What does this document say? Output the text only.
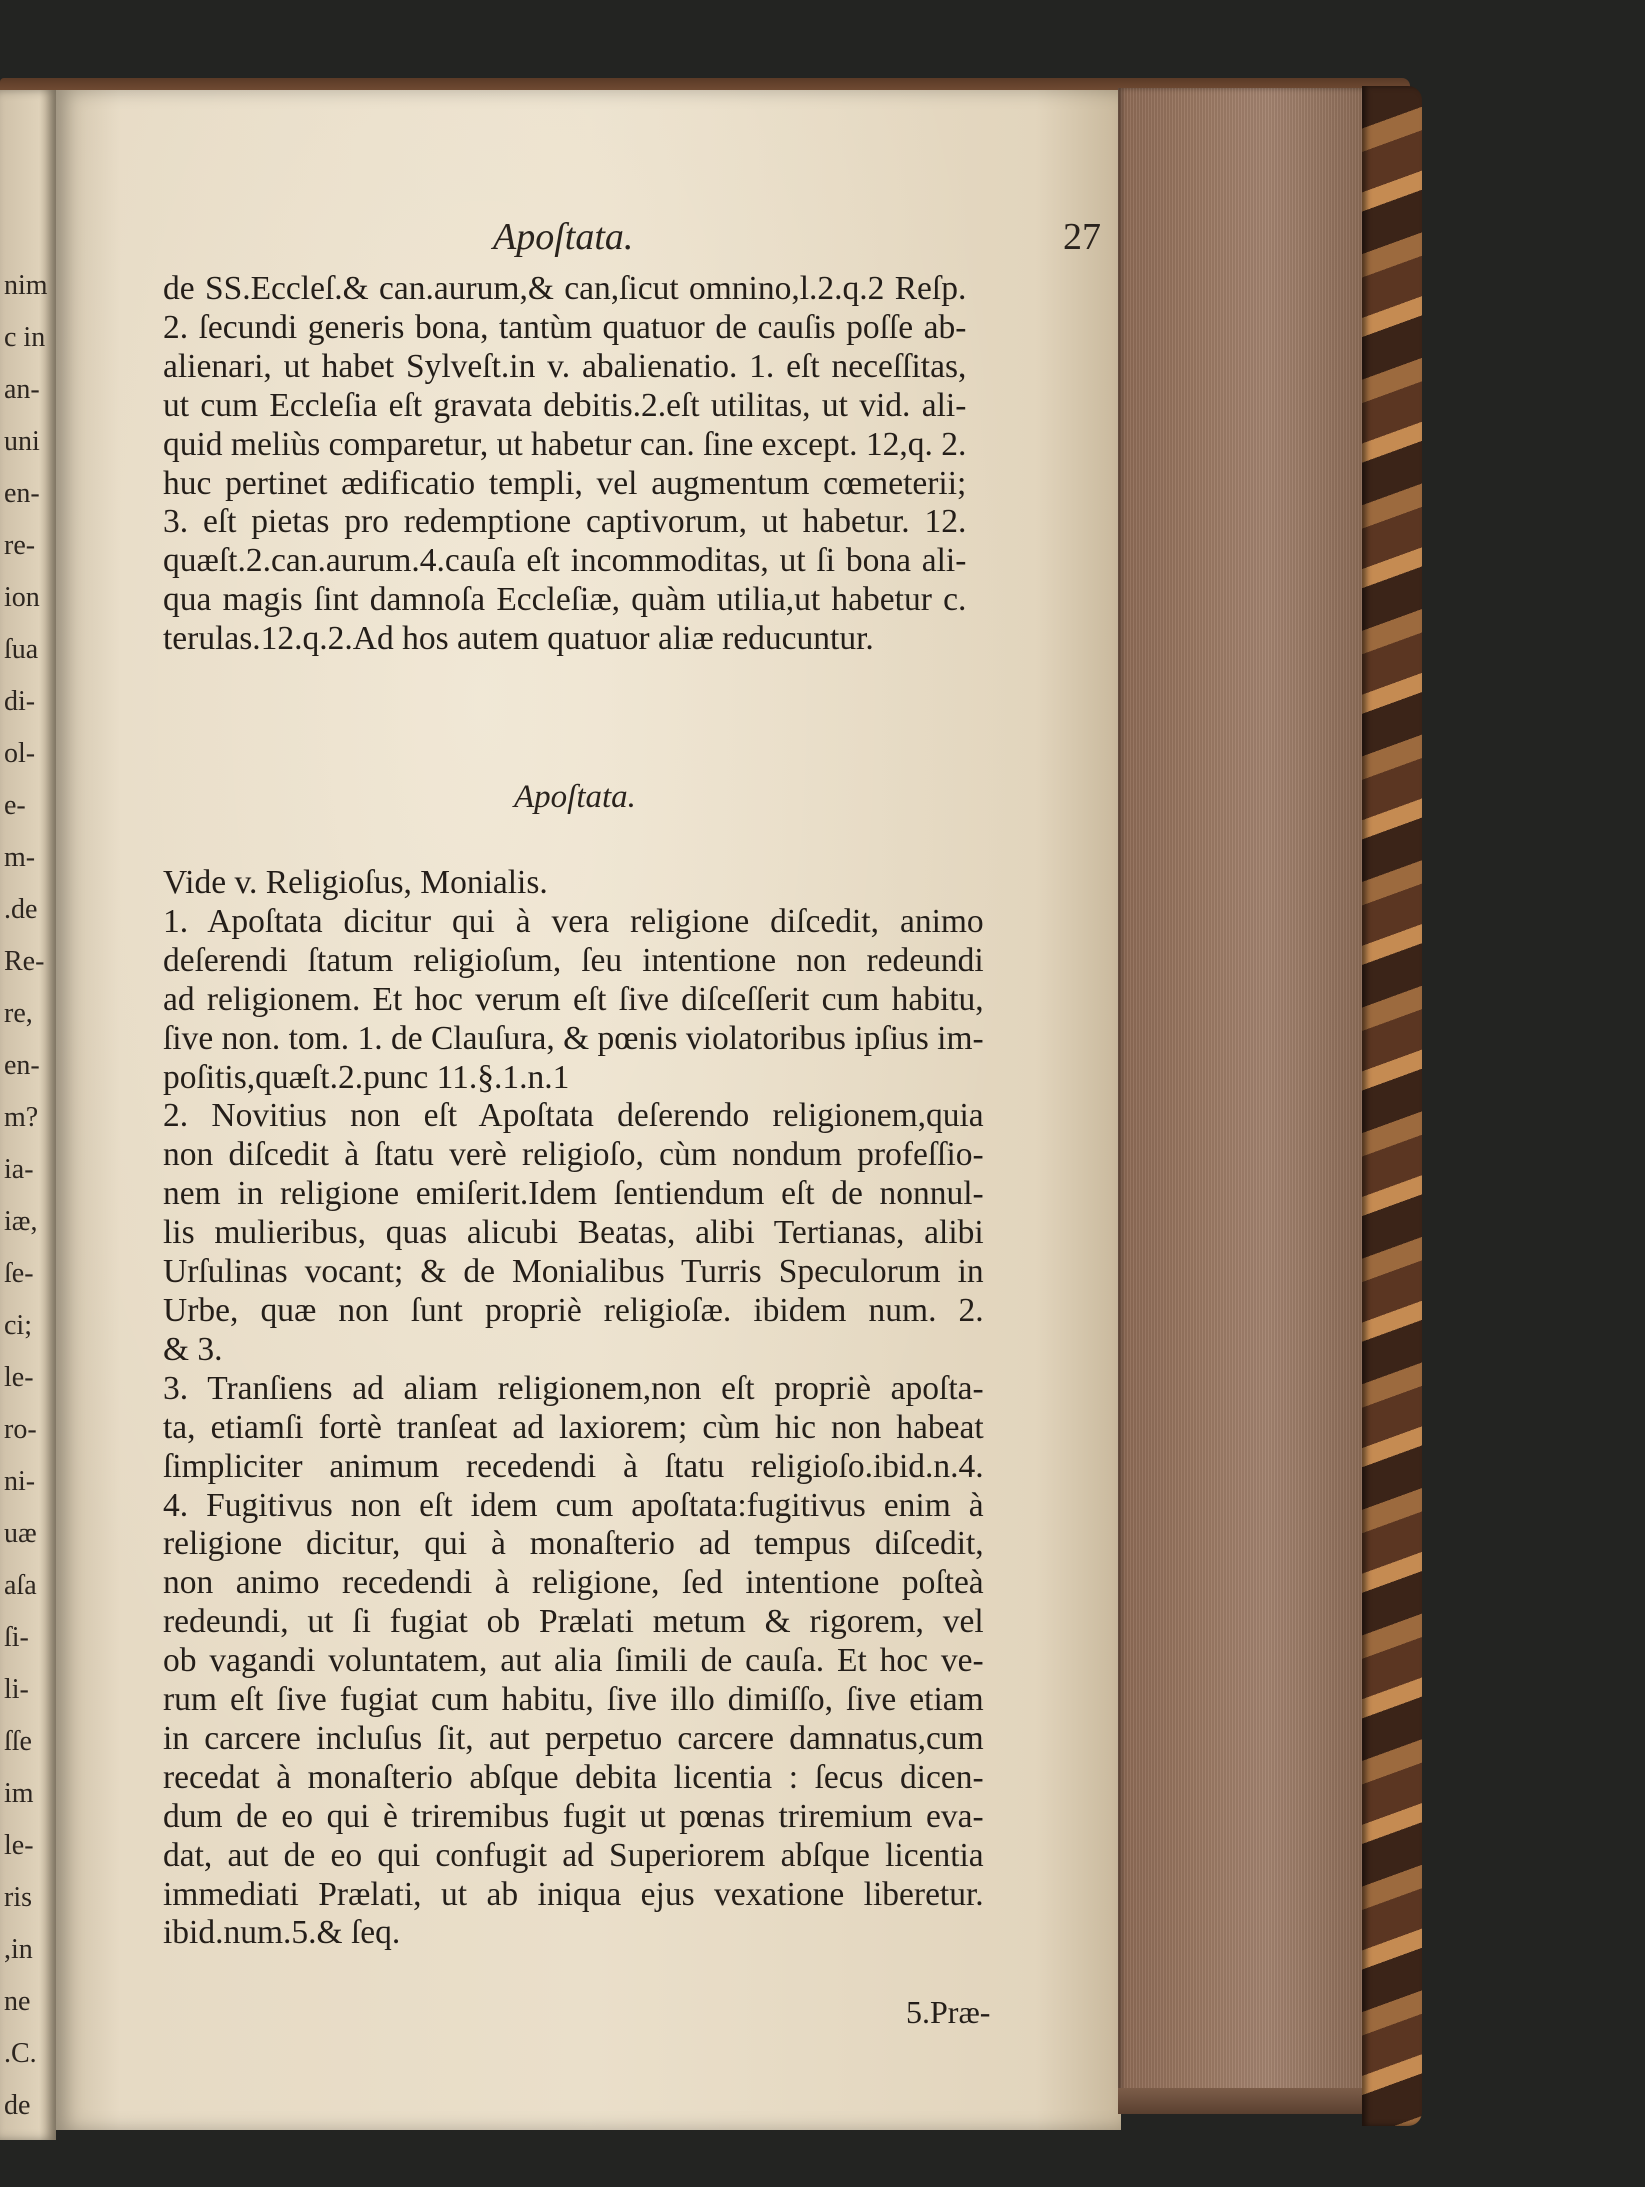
nim
c in
an-
uni
en-
re-
ion
ſua
di-
ol-
e-
m-
.de
Re-
re,
en-
m?
ia-
iæ,
ſe-
ci;
le-
ro-
ni-
uæ
aſa
ſi-
li-
ſſe
im
le-
ris
,in
ne
.C.
de
Apoſtata.	27
de SS.Eccleſ.& can.aurum,& can,ſicut omnino,l.2.q.2 Reſp.
2. ſecundi generis bona, tantùm quatuor de cauſis poſſe ab-
alienari, ut habet Sylveſt.in v. abalienatio. 1. eſt neceſſitas,
ut cum Eccleſia eſt gravata debitis.2.eſt utilitas, ut vid. ali-
quid meliùs comparetur, ut habetur can. ſine except. 12,q. 2.
huc pertinet ædificatio templi, vel augmentum cœmeterii;
3. eſt pietas pro redemptione captivorum, ut habetur. 12.
quæſt.2.can.aurum.4.cauſa eſt incommoditas, ut ſi bona ali-
qua magis ſint damnoſa Eccleſiæ, quàm utilia,ut habetur c.
terulas.12.q.2.Ad hos autem quatuor aliæ reducuntur.
Apoſtata.
Vide v. Religioſus, Monialis.
1. Apoſtata dicitur qui à vera religione diſcedit, animo
deſerendi ſtatum religioſum, ſeu intentione non redeundi
ad religionem. Et hoc verum eſt ſive diſceſſerit cum habitu,
ſive non. tom. 1. de Clauſura, & pœnis violatoribus ipſius im-
poſitis,quæſt.2.punc 11.§.1.n.1
2. Novitius non eſt Apoſtata deſerendo religionem,quia
non diſcedit à ſtatu verè religioſo, cùm nondum profeſſio-
nem in religione emiſerit.Idem ſentiendum eſt de nonnul-
lis mulieribus, quas alicubi Beatas, alibi Tertianas, alibi
Urſulinas vocant; & de Monialibus Turris Speculorum in
Urbe, quæ non ſunt propriè religioſæ. ibidem num. 2.
& 3.
3. Tranſiens ad aliam religionem,non eſt propriè apoſta-
ta, etiamſi fortè tranſeat ad laxiorem; cùm hic non habeat
ſimpliciter animum recedendi à ſtatu religioſo.ibid.n.4.
4. Fugitivus non eſt idem cum apoſtata:fugitivus enim à
religione dicitur, qui à monaſterio ad tempus diſcedit,
non animo recedendi à religione, ſed intentione poſteà
redeundi, ut ſi fugiat ob Prælati metum & rigorem, vel
ob vagandi voluntatem, aut alia ſimili de cauſa. Et hoc ve-
rum eſt ſive fugiat cum habitu, ſive illo dimiſſo, ſive etiam
in carcere incluſus ſit, aut perpetuo carcere damnatus,cum
recedat à monaſterio abſque debita licentia : ſecus dicen-
dum de eo qui è triremibus fugit ut pœnas triremium eva-
dat, aut de eo qui confugit ad Superiorem abſque licentia
immediati Prælati, ut ab iniqua ejus vexatione liberetur.
ibid.num.5.& ſeq.
5.Præ-
